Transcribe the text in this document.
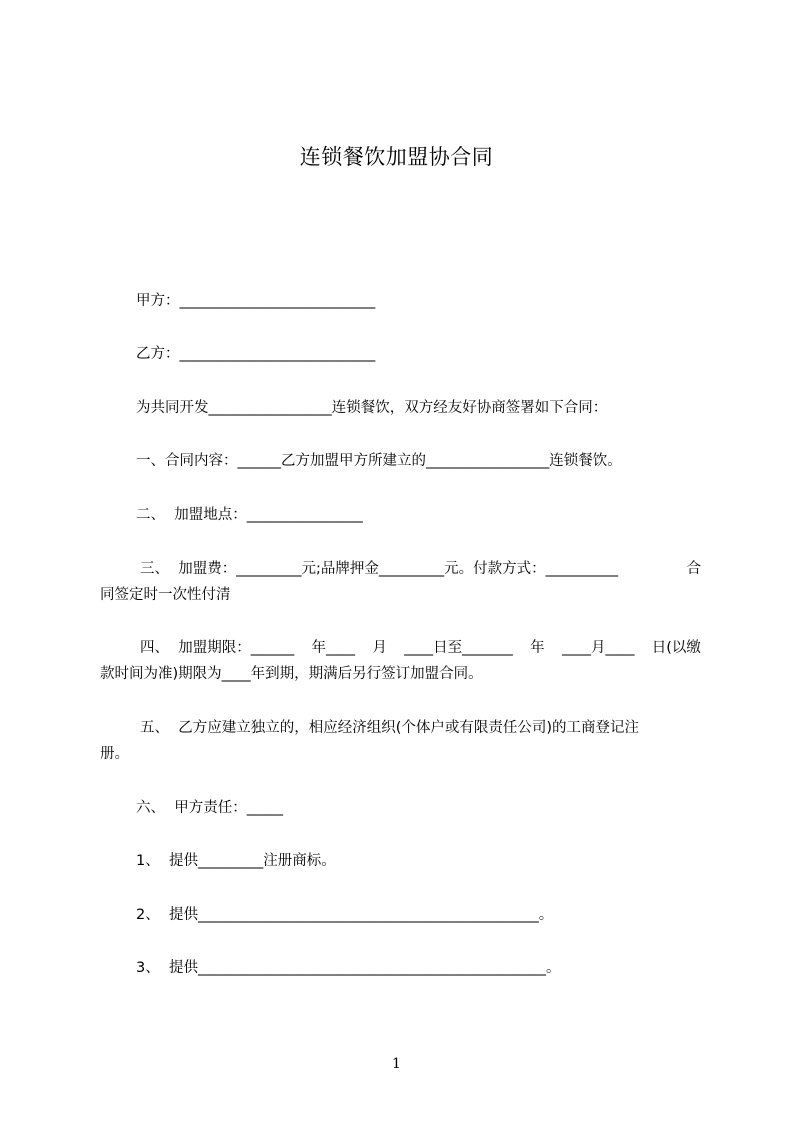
连锁餐饮加盟协合同

甲方：___________________________

乙方：___________________________

为共同开发_________________连锁餐饮，双方经友好协商签署如下合同：

一、合同内容：______乙方加盟甲方所建立的_________________连锁餐饮。

二、  加盟地点：________________

三、  加盟费：_________元;品牌押金_________元。付款方式：__________	合
同签定时一次性付清
四、  加盟期限：______ 年____ 月 ____日至_______ 年 ____月____ 日(以缴
款时间为准)期限为____年到期，期满后另行签订加盟合同。
五、  乙方应建立独立的，相应经济组织(个体户或有限责任公司)的工商登记注
册。

六、  甲方责任：_____

1、  提供_________注册商标。

2、  提供_______________________________________________。

3、  提供________________________________________________。

1
